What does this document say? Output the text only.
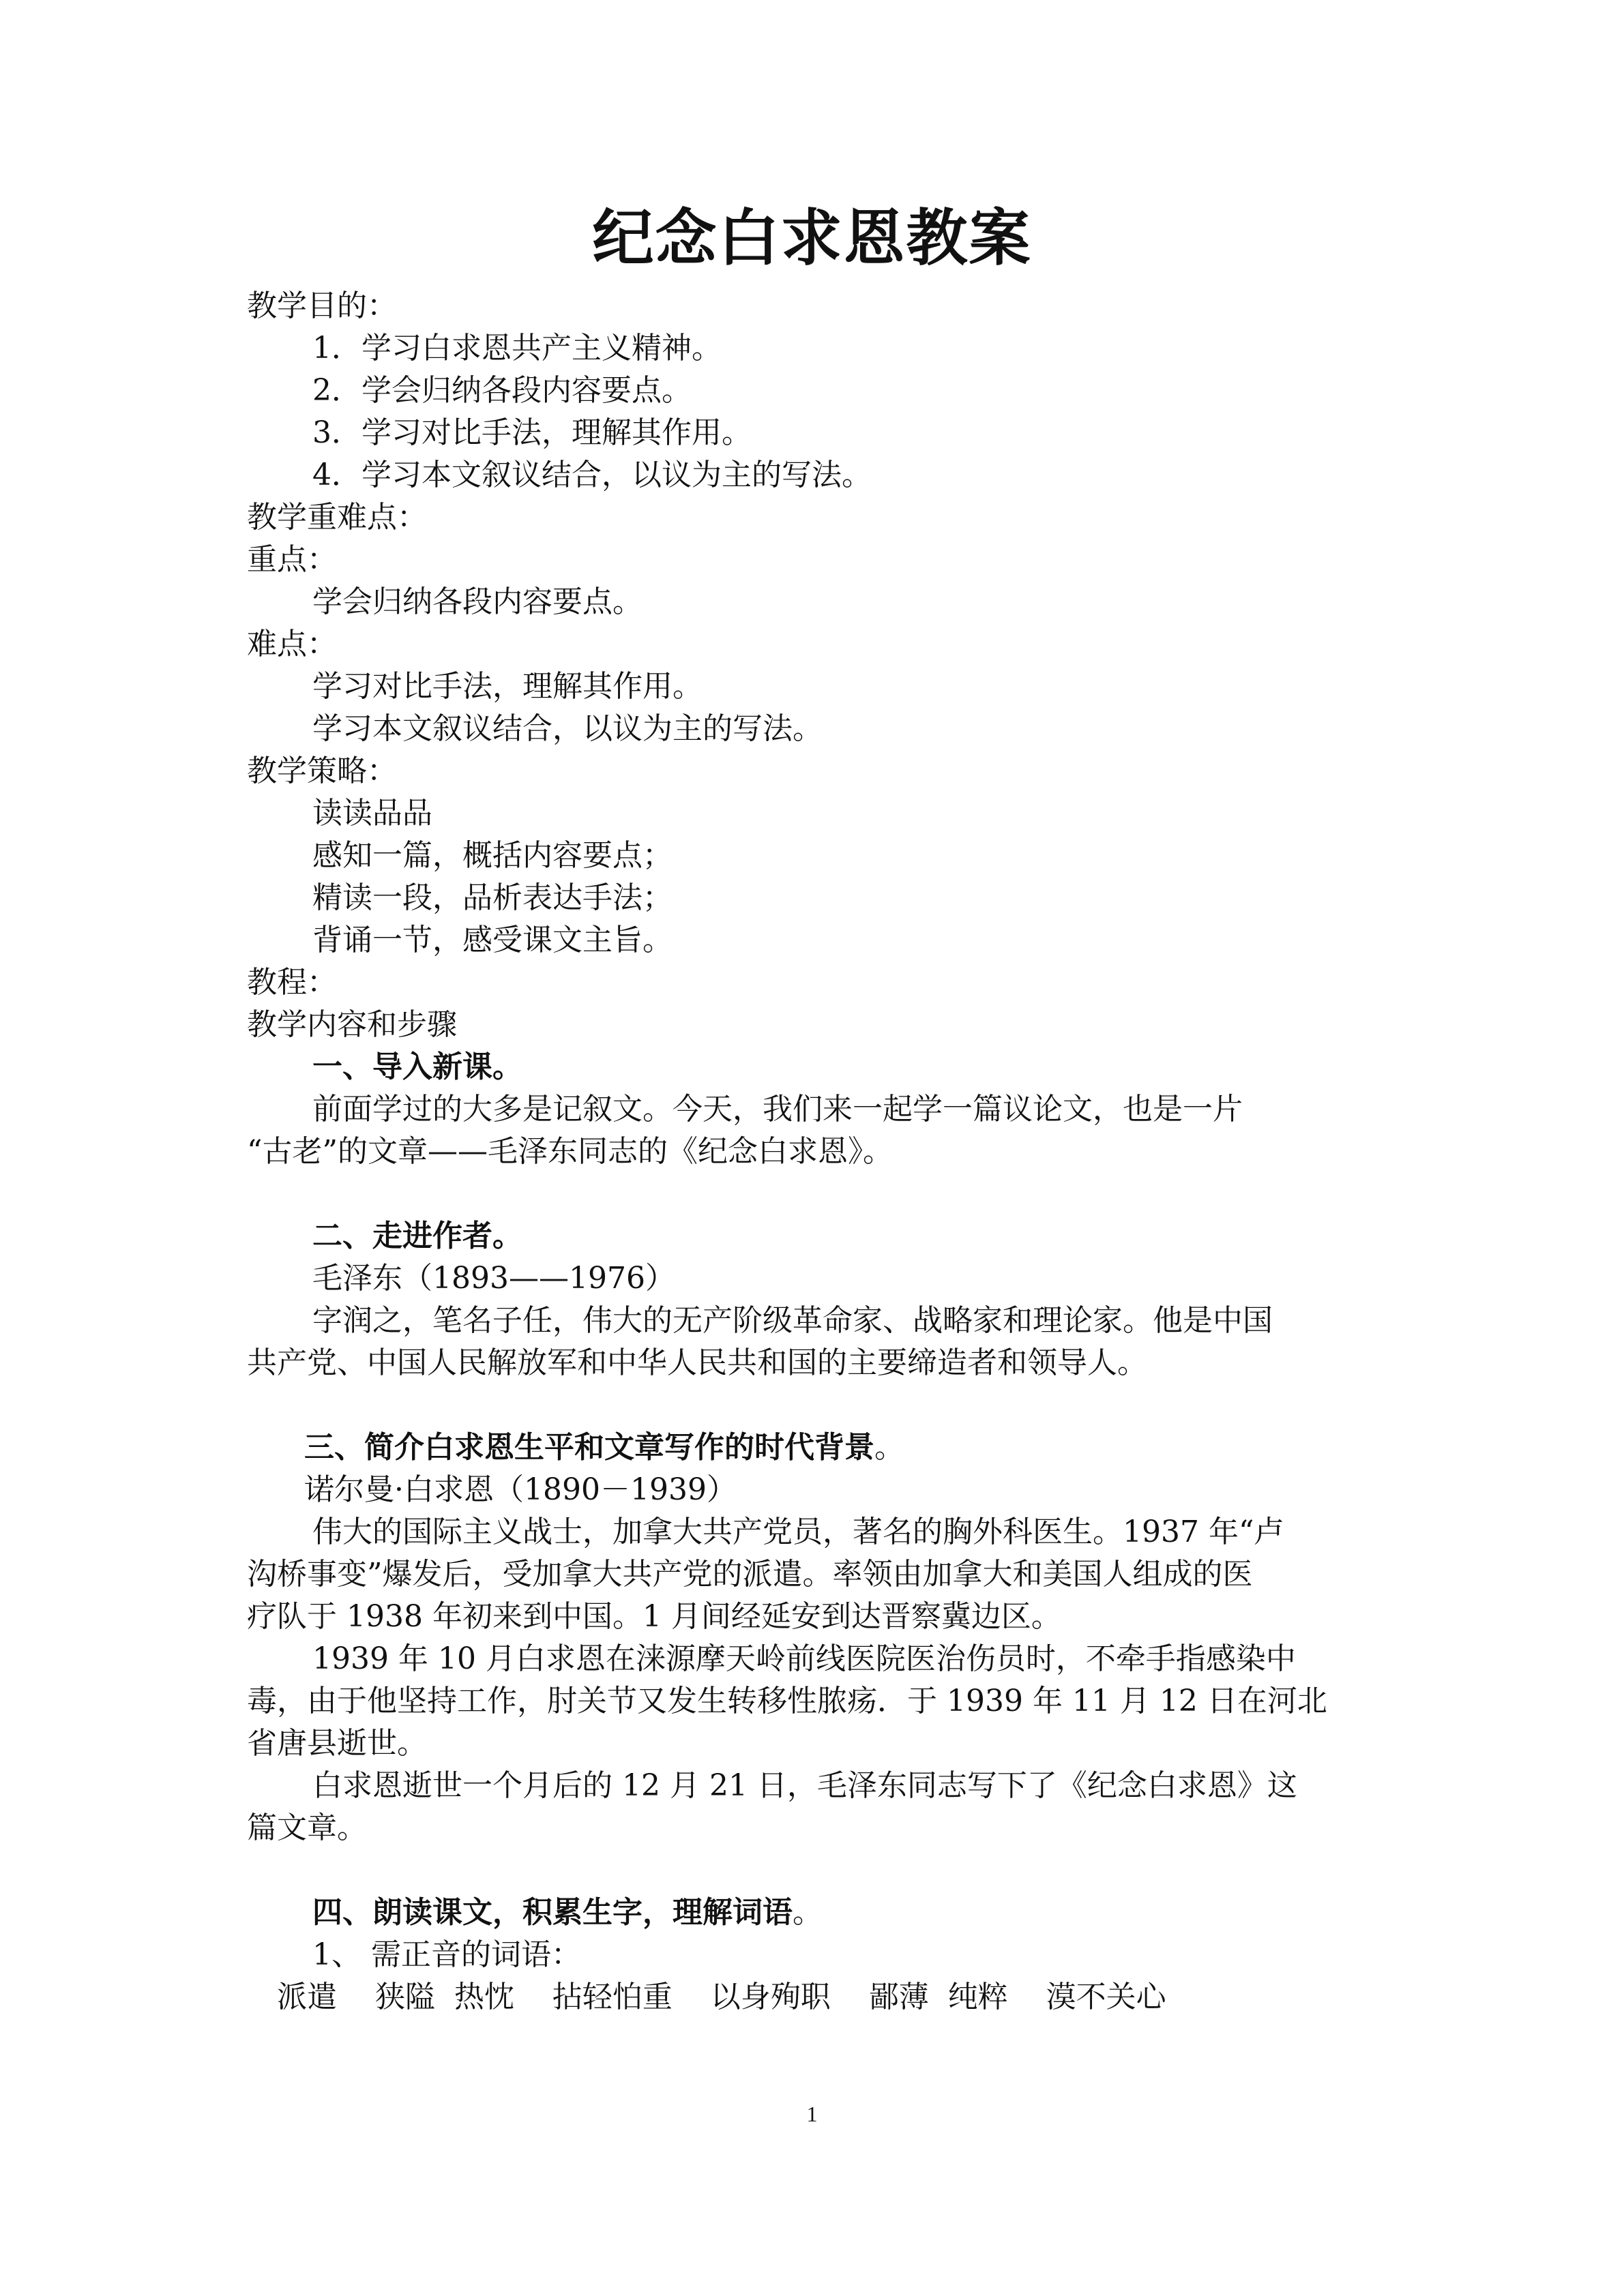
纪念白求恩教案
教学目的：
1．学习白求恩共产主义精神。
2．学会归纳各段内容要点。
3．学习对比手法，理解其作用。
4．学习本文叙议结合，以议为主的写法。
教学重难点：
重点：
学会归纳各段内容要点。
难点：
学习对比手法，理解其作用。
学习本文叙议结合，以议为主的写法。
教学策略：
读读品品
感知一篇，概括内容要点；
精读一段，品析表达手法；
背诵一节，感受课文主旨。
教程：
教学内容和步骤
一、导入新课。
前面学过的大多是记叙文。今天，我们来一起学一篇议论文，也是一片
“古老”的文章——毛泽东同志的《纪念白求恩》。
二、走进作者。
毛泽东（1893——1976）
字润之，笔名子任，伟大的无产阶级革命家、战略家和理论家。他是中国
共产党、中国人民解放军和中华人民共和国的主要缔造者和领导人。
三、简介白求恩生平和文章写作的时代背景。
诺尔曼·白求恩（1890－1939）
伟大的国际主义战士，加拿大共产党员，著名的胸外科医生。1937 年“卢
沟桥事变”爆发后，受加拿大共产党的派遣。率领由加拿大和美国人组成的医
疗队于 1938 年初来到中国。1 月间经延安到达晋察冀边区。
1939 年 10 月白求恩在涞源摩天岭前线医院医治伤员时，不牵手指感染中
毒，由于他坚持工作，肘关节又发生转移性脓疡．于 1939 年 11 月 12 日在河北
省唐县逝世。
白求恩逝世一个月后的 12 月 21 日，毛泽东同志写下了《纪念白求恩》这
篇文章。
四、朗读课文，积累生字，理解词语。
1、 需正音的词语：
派遣    狭隘  热忱    拈轻怕重    以身殉职    鄙薄  纯粹    漠不关心
1
